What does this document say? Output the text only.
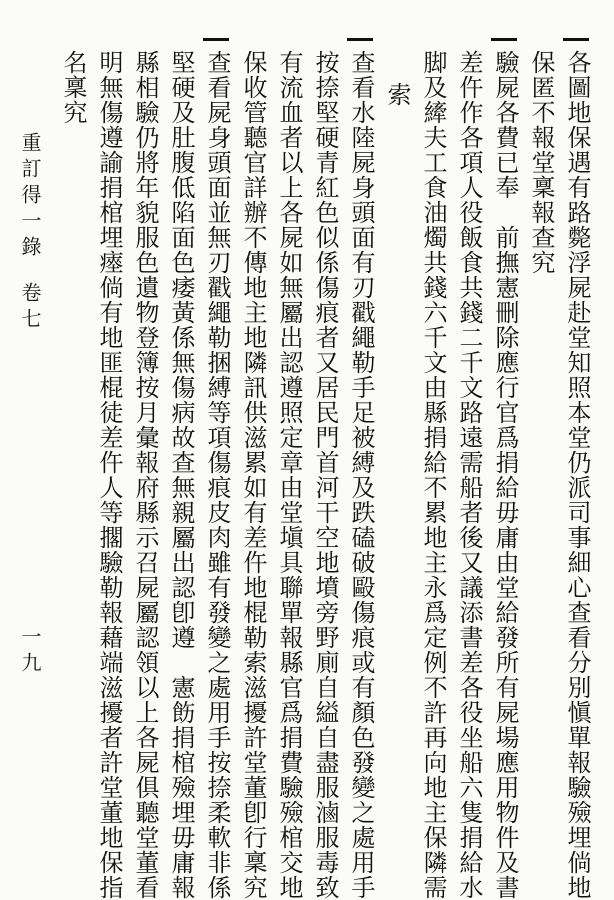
各圖地保遇有路斃浮屍赴堂知照本堂仍派司事細心查看分別愼單報驗殮埋倘地
保匿不報堂稟報查究
驗屍各費已奉　前撫憲刪除應行官爲捐給毋庸由堂給發所有屍場應用物件及書
差仵作各項人役飯食共錢二千文路遠需船者後又議添書差各役坐船六隻捐給水
脚及縴夫工食油燭共錢六千文由縣捐給不累地主永爲定例不許再向地主保隣需
索
查看水陸屍身頭面有刃戳繩勒手足被縛及跌磕破毆傷痕或有顏色發變之處用手
按捺堅硬青紅色似係傷痕者又居民門首河干空地墳旁野廁自縊自盡服滷服毒致
有流血者以上各屍如無屬出認遵照定章由堂塡具聯單報縣官爲捐費驗殮棺交地
保收管聽官詳辦不傳地主地隣訊供滋累如有差仵地棍勒索滋擾許堂董卽行稟究
查看屍身頭面並無刃戳繩勒捆縛等項傷痕皮肉雖有發變之處用手按捺柔軟非係
堅硬及肚腹低陷面色痿黃係無傷病故查無親屬出認卽遵　憲飭捐棺殮埋毋庸報
縣相驗仍將年貌服色遺物登簿按月彙報府縣示召屍屬認領以上各屍俱聽堂董看
明無傷遵諭捐棺埋瘞倘有地匪棍徒差仵人等擱驗勒報藉端滋擾者許堂董地保指
名稟究
重訂得一錄
卷七
一九
